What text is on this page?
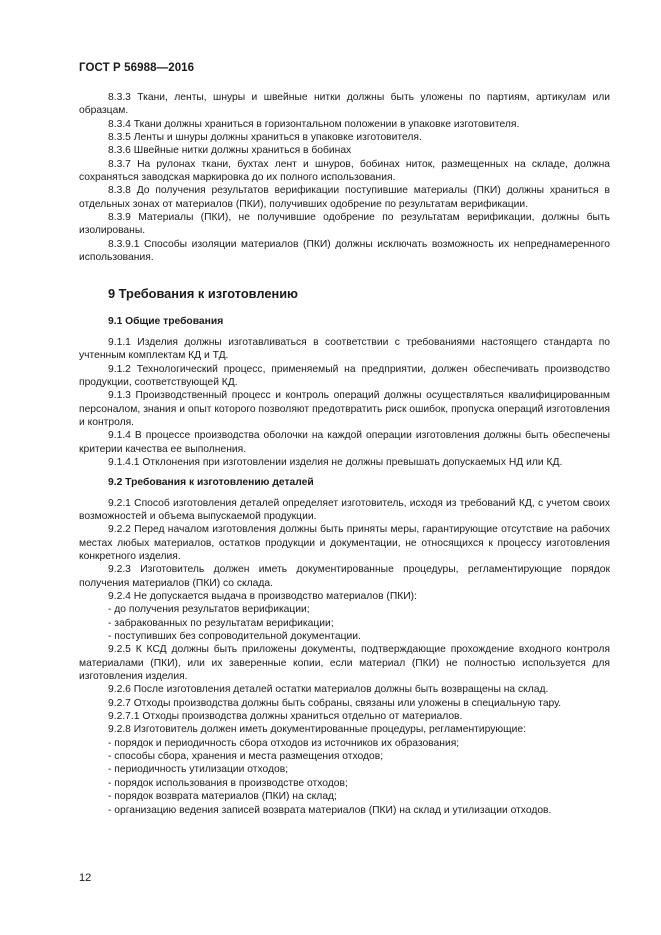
ГОСТ Р 56988—2016

8.3.3 Ткани, ленты, шнуры и швейные нитки должны быть уложены по партиям, артикулам или образцам.

8.3.4 Ткани должны храниться в горизонтальном положении в упаковке изготовителя.

8.3.5 Ленты и шнуры должны храниться в упаковке изготовителя.

8.3.6 Швейные нитки должны храниться в бобинах

8.3.7 На рулонах ткани, бухтах лент и шнуров, бобинах ниток, размещенных на складе, должна сохраняться заводская маркировка до их полного использования.

8.3.8 До получения результатов верификации поступившие материалы (ПКИ) должны храниться в отдельных зонах от материалов (ПКИ), получивших одобрение по результатам верификации.

8.3.9 Материалы (ПКИ), не получившие одобрение по результатам верификации, должны быть изолированы.

8.3.9.1 Способы изоляции материалов (ПКИ) должны исключать возможность их непреднамеренного использования.

9 Требования к изготовлению

9.1 Общие требования

9.1.1 Изделия должны изготавливаться в соответствии с требованиями настоящего стандарта по учтенным комплектам КД и ТД.

9.1.2 Технологический процесс, применяемый на предприятии, должен обеспечивать производство продукции, соответствующей КД.

9.1.3 Производственный процесс и контроль операций должны осуществляться квалифицированным персоналом, знания и опыт которого позволяют предотвратить риск ошибок, пропуска операций изготовления и контроля.

9.1.4 В процессе производства оболочки на каждой операции изготовления должны быть обеспечены критерии качества ее выполнения.

9.1.4.1 Отклонения при изготовлении изделия не должны превышать допускаемых НД или КД.

9.2 Требования к изготовлению деталей

9.2.1 Способ изготовления деталей определяет изготовитель, исходя из требований КД, с учетом своих возможностей и объема выпускаемой продукции.

9.2.2 Перед началом изготовления должны быть приняты меры, гарантирующие отсутствие на рабочих местах любых материалов, остатков продукции и документации, не относящихся к процессу изготовления конкретного изделия.

9.2.3 Изготовитель должен иметь документированные процедуры, регламентирующие порядок получения материалов (ПКИ) со склада.

9.2.4 Не допускается выдача в производство материалов (ПКИ):

- до получения результатов верификации;

- забракованных по результатам верификации;

- поступивших без сопроводительной документации.

9.2.5 К КСД должны быть приложены документы, подтверждающие прохождение входного контроля материалами (ПКИ), или их заверенные копии, если материал (ПКИ) не полностью используется для изготовления изделия.

9.2.6 После изготовления деталей остатки материалов должны быть возвращены на склад.

9.2.7 Отходы производства должны быть собраны, связаны или уложены в специальную тару.

9.2.7.1 Отходы производства должны храниться отдельно от материалов.

9.2.8 Изготовитель должен иметь документированные процедуры, регламентирующие:

- порядок и периодичность сбора отходов из источников их образования;

- способы сбора, хранения и места размещения отходов;

- периодичность утилизации отходов;

- порядок использования в производстве отходов;

- порядок возврата материалов (ПКИ) на склад;

- организацию ведения записей возврата материалов (ПКИ) на склад и утилизации отходов.

12
